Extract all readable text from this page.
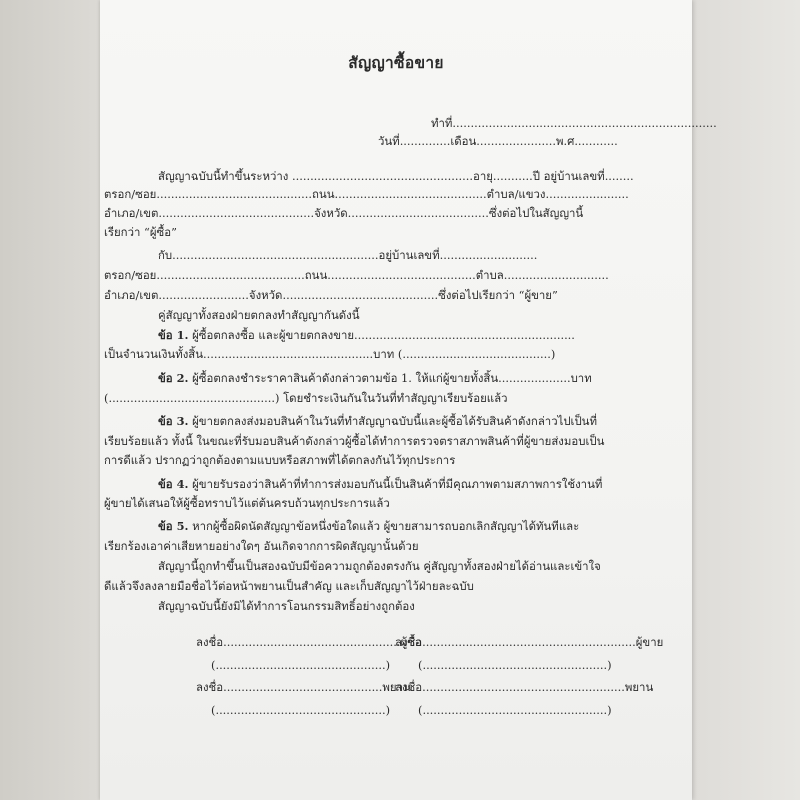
สัญญาซื้อขาย
ทำที่.........................................................................
วันที่..............เดือน......................พ.ศ............
สัญญาฉบับนี้ทำขึ้นระหว่าง ..................................................อายุ...........ปี อยู่บ้านเลขที่........
ตรอก/ซอย...........................................ถนน..........................................ตำบล/แขวง.......................
อำเภอ/เขต...........................................จังหวัด.......................................ซึ่งต่อไปในสัญญานี้
เรียกว่า “ผู้ซื้อ”
กับ.........................................................อยู่บ้านเลขที่...........................
ตรอก/ซอย.........................................ถนน.........................................ตำบล.............................
อำเภอ/เขต.........................จังหวัด...........................................ซึ่งต่อไปเรียกว่า “ผู้ขาย”
คู่สัญญาทั้งสองฝ่ายตกลงทำสัญญากันดังนี้
ข้อ 1. ผู้ซื้อตกลงซื้อ และผู้ขายตกลงขาย.............................................................
เป็นจำนวนเงินทั้งสิ้น...............................................บาท (.........................................)
ข้อ 2. ผู้ซื้อตกลงชำระราคาสินค้าดังกล่าวตามข้อ 1. ให้แก่ผู้ขายทั้งสิ้น....................บาท
(..............................................) โดยชำระเงินกันในวันที่ทำสัญญาเรียบร้อยแล้ว
ข้อ 3. ผู้ขายตกลงส่งมอบสินค้าในวันที่ทำสัญญาฉบับนี้และผู้ซื้อได้รับสินค้าดังกล่าวไปเป็นที่
เรียบร้อยแล้ว ทั้งนี้ ในขณะที่รับมอบสินค้าดังกล่าวผู้ซื้อได้ทำการตรวจตราสภาพสินค้าที่ผู้ขายส่งมอบเป็น
การดีแล้ว ปรากฏว่าถูกต้องตามแบบหรือสภาพที่ได้ตกลงกันไว้ทุกประการ
ข้อ 4. ผู้ขายรับรองว่าสินค้าที่ทำการส่งมอบกันนี้เป็นสินค้าที่มีคุณภาพตามสภาพการใช้งานที่
ผู้ขายได้เสนอให้ผู้ซื้อทราบไว้แต่ต้นครบถ้วนทุกประการแล้ว
ข้อ 5. หากผู้ซื้อผิดนัดสัญญาข้อหนึ่งข้อใดแล้ว ผู้ขายสามารถบอกเลิกสัญญาได้ทันทีและ
เรียกร้องเอาค่าเสียหายอย่างใดๆ อันเกิดจากการผิดสัญญานั้นด้วย
สัญญานี้ถูกทำขึ้นเป็นสองฉบับมีข้อความถูกต้องตรงกัน คู่สัญญาทั้งสองฝ่ายได้อ่านและเข้าใจ
ดีแล้วจึงลงลายมือชื่อไว้ต่อหน้าพยานเป็นสำคัญ และเก็บสัญญาไว้ฝ่ายละฉบับ
สัญญาฉบับนี้ยังมิได้ทำการโอนกรรมสิทธิ์อย่างถูกต้อง
ลงชื่อ.................................................ผู้ซื้อ
ลงชื่อ...........................................................ผู้ขาย
(...............................................) (...................................................)
ลงชื่อ............................................พยาน
ลงชื่อ........................................................พยาน
(...............................................) (...................................................)
